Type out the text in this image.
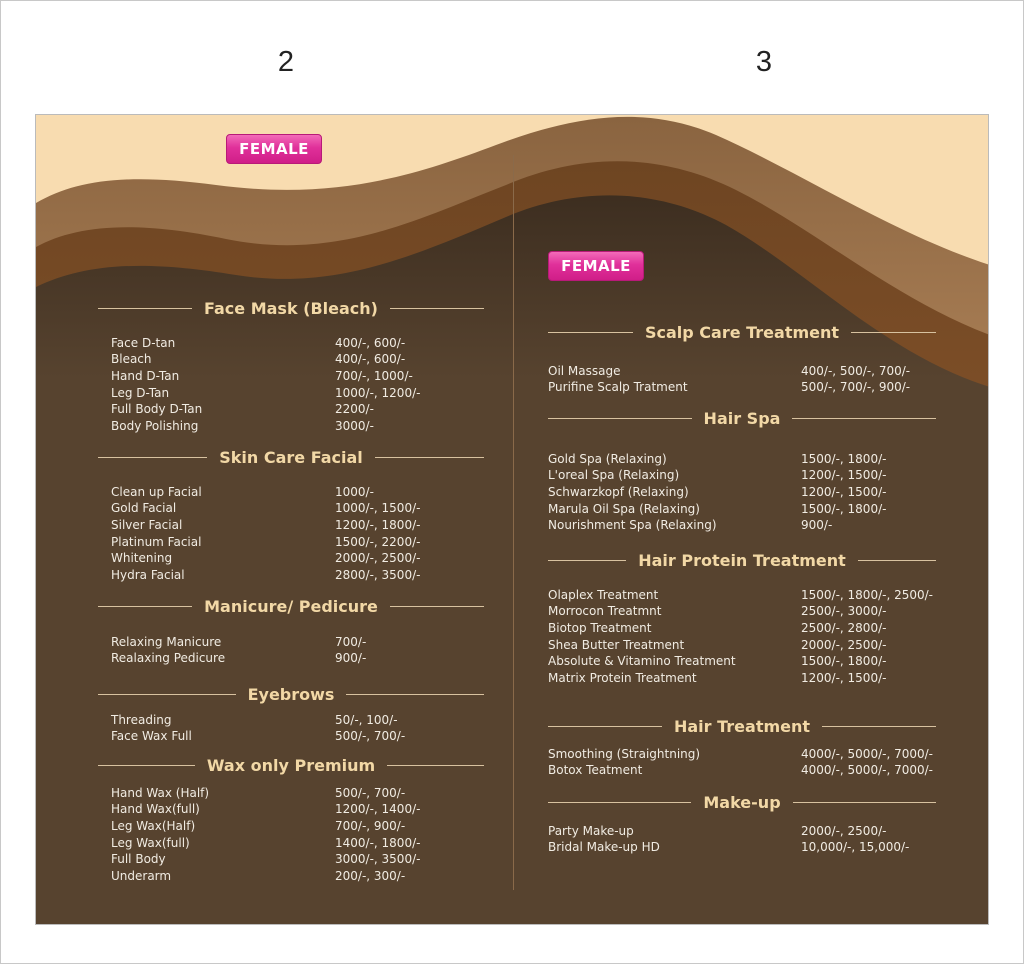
2	3
FEMALE
FEMALE
Face Mask (Bleach)
Face D-tan	400/-, 600/-
Bleach	400/-, 600/-
Hand D-Tan	700/-, 1000/-
Leg D-Tan	1000/-, 1200/-
Full Body D-Tan	2200/-
Body Polishing	3000/-
Skin Care Facial
Clean up Facial	1000/-
Gold Facial	1000/-, 1500/-
Silver Facial	1200/-, 1800/-
Platinum Facial	1500/-, 2200/-
Whitening	2000/-, 2500/-
Hydra Facial	2800/-, 3500/-
Manicure/ Pedicure
Relaxing Manicure	700/-
Realaxing Pedicure	900/-
Eyebrows
Threading	50/-, 100/-
Face Wax Full	500/-, 700/-
Wax only Premium
Hand Wax (Half)	500/-, 700/-
Hand Wax(full)	1200/-, 1400/-
Leg Wax(Half)	700/-, 900/-
Leg Wax(full)	1400/-, 1800/-
Full Body	3000/-, 3500/-
Underarm	200/-, 300/-
Scalp Care Treatment
Oil Massage	400/-, 500/-, 700/-
Purifine Scalp Tratment	500/-, 700/-, 900/-
Hair Spa
Gold Spa (Relaxing)	1500/-, 1800/-
L'oreal Spa (Relaxing)	1200/-, 1500/-
Schwarzkopf (Relaxing)	1200/-, 1500/-
Marula Oil Spa (Relaxing)	1500/-, 1800/-
Nourishment Spa (Relaxing)	900/-
Hair Protein Treatment
Olaplex Treatment	1500/-, 1800/-, 2500/-
Morrocon Treatmnt	2500/-, 3000/-
Biotop Treatment	2500/-, 2800/-
Shea Butter Treatment	2000/-, 2500/-
Absolute & Vitamino Treatment	1500/-, 1800/-
Matrix Protein Treatment	1200/-, 1500/-
Hair Treatment
Smoothing (Straightning)	4000/-, 5000/-, 7000/-
Botox Teatment	4000/-, 5000/-, 7000/-
Make-up
Party Make-up	2000/-, 2500/-
Bridal Make-up HD	10,000/-, 15,000/-
